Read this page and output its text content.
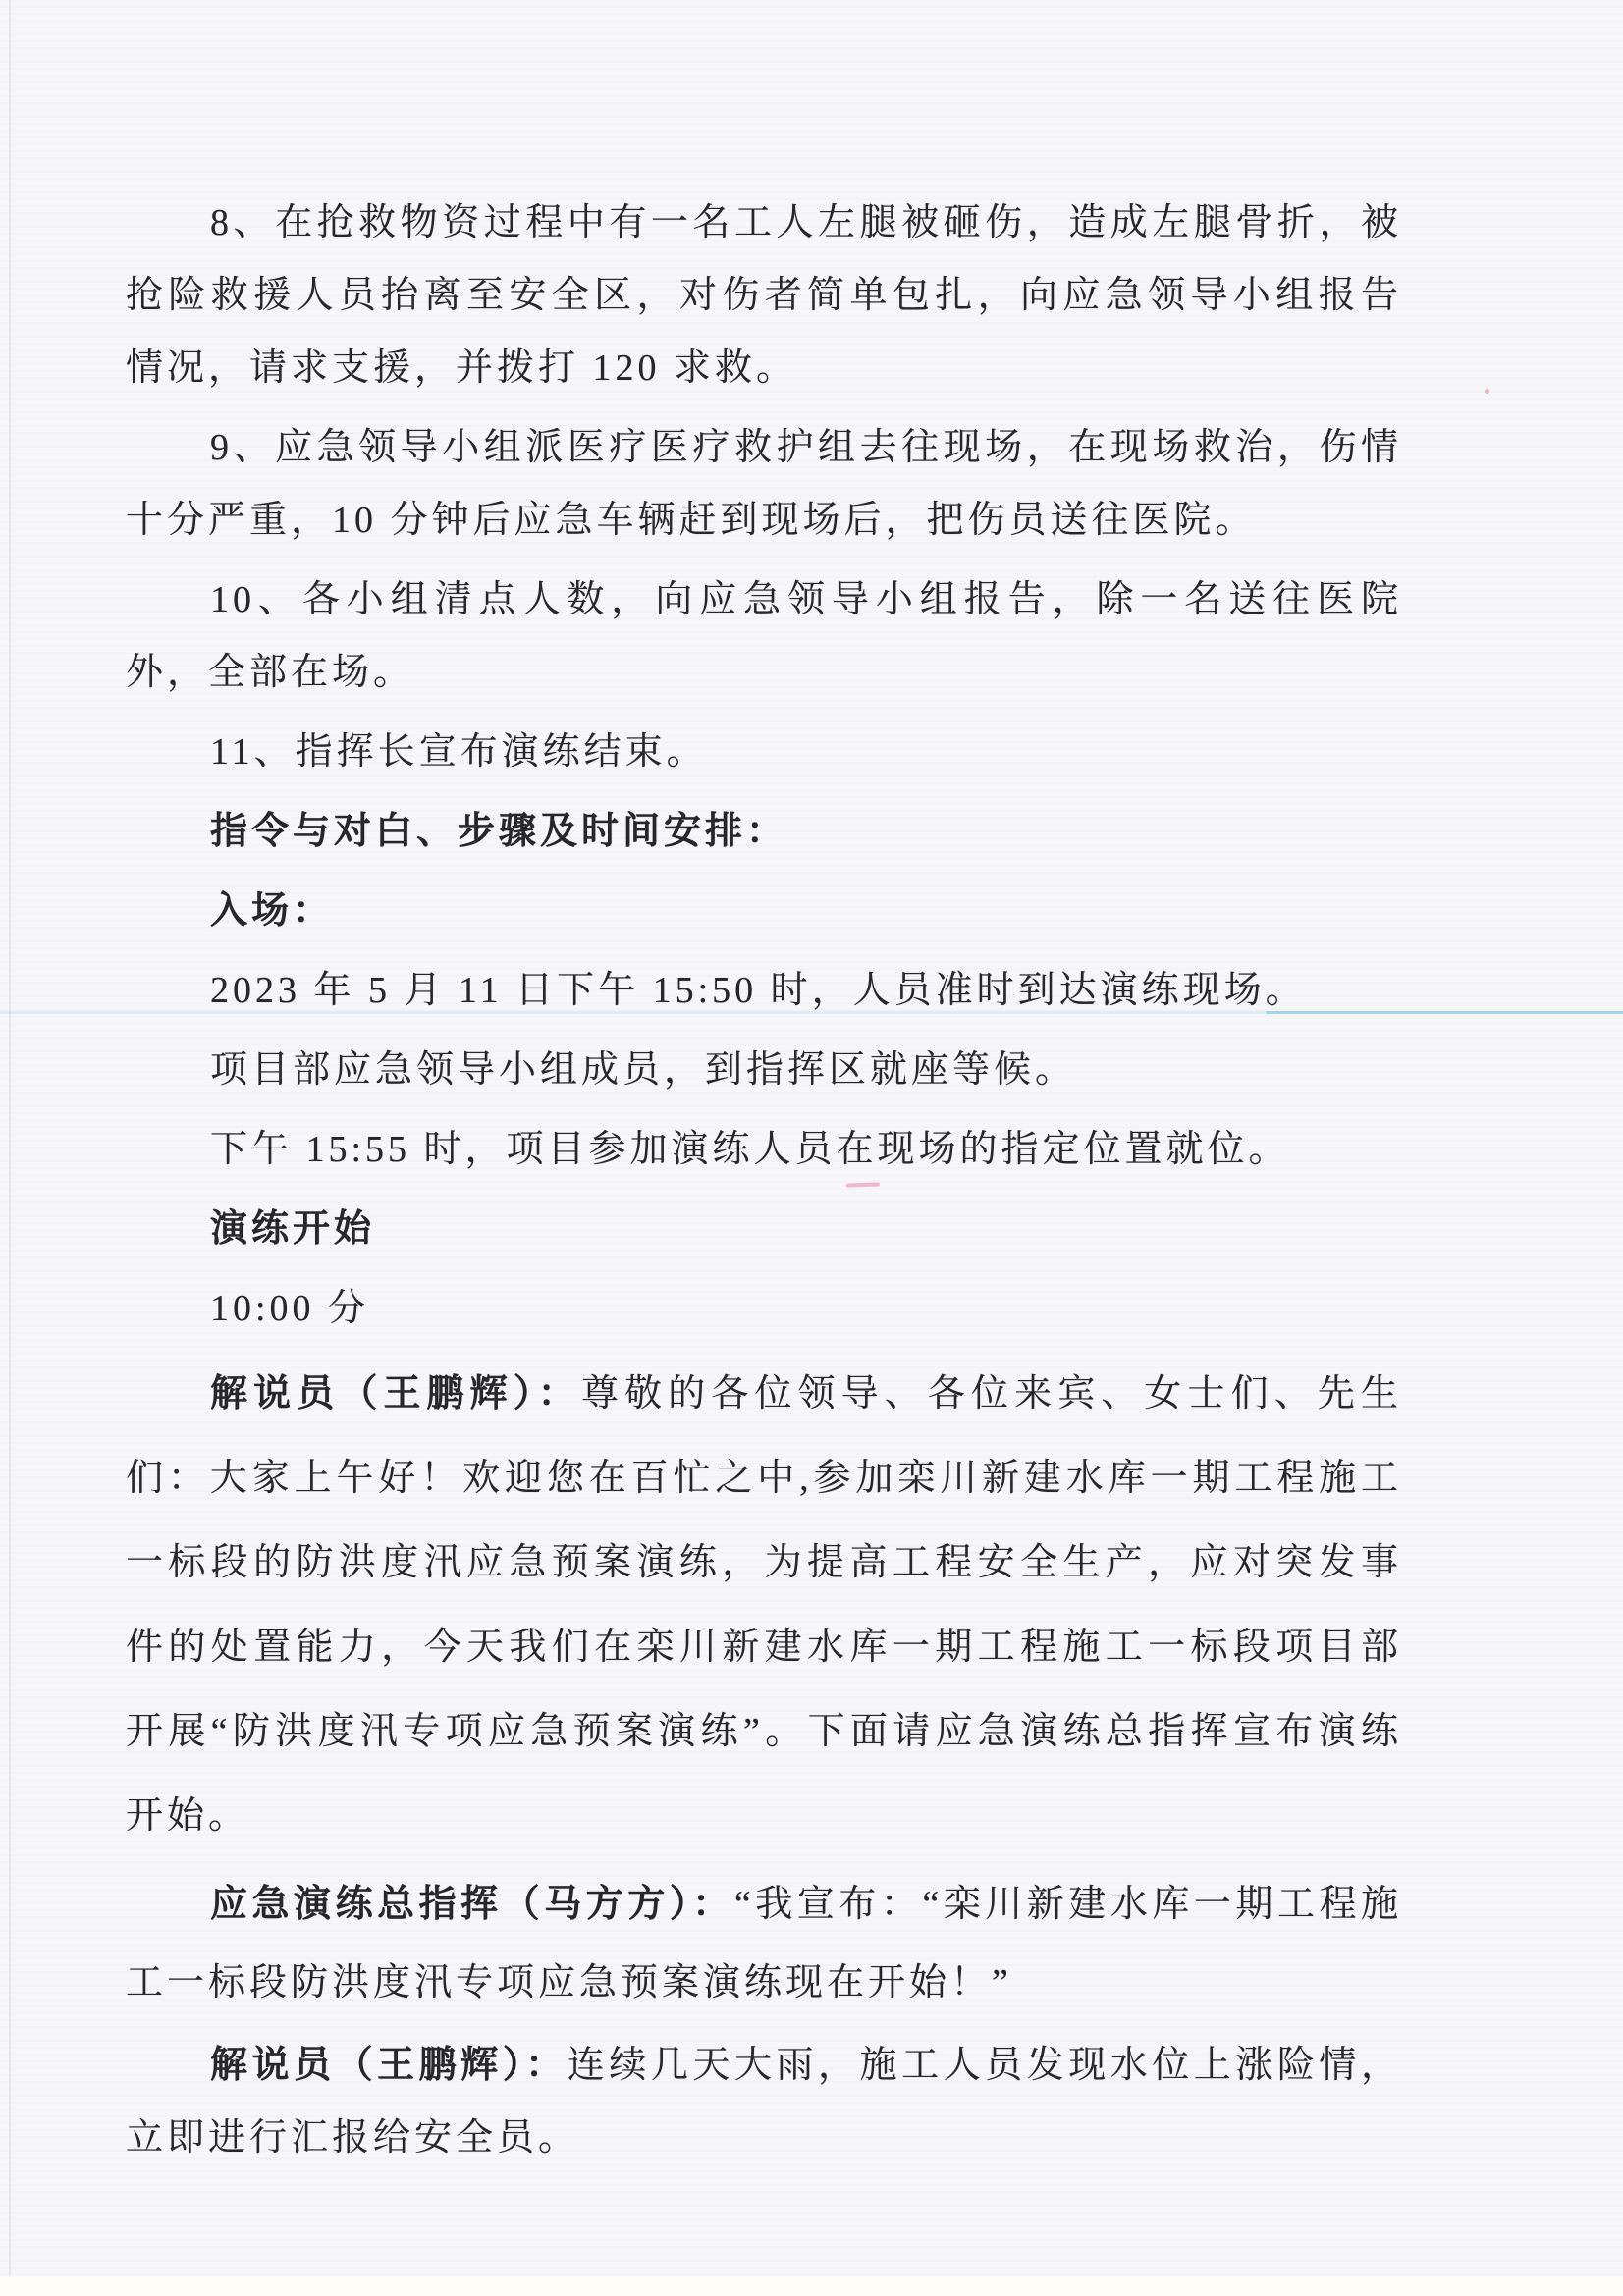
8、在抢救物资过程中有一名工人左腿被砸伤，造成左腿骨折，被抢险救援人员抬离至安全区，对伤者简单包扎，向应急领导小组报告情况，请求支援，并拨打 120 求救。

9、应急领导小组派医疗医疗救护组去往现场，在现场救治，伤情十分严重，10 分钟后应急车辆赶到现场后，把伤员送往医院。

10、各小组清点人数，向应急领导小组报告，除一名送往医院外，全部在场。

11、指挥长宣布演练结束。

指令与对白、步骤及时间安排：

入场：

2023 年 5 月 11 日下午 15:50 时，人员准时到达演练现场。

项目部应急领导小组成员，到指挥区就座等候。

下午 15:55 时，项目参加演练人员在现场的指定位置就位。

演练开始

10:00 分

解说员（王鹏辉）：尊敬的各位领导、各位来宾、女士们、先生们：大家上午好！欢迎您在百忙之中,参加栾川新建水库一期工程施工一标段的防洪度汛应急预案演练，为提高工程安全生产，应对突发事件的处置能力，今天我们在栾川新建水库一期工程施工一标段项目部开展“防洪度汛专项应急预案演练”。下面请应急演练总指挥宣布演练开始。

应急演练总指挥（马方方）：“我宣布：“栾川新建水库一期工程施工一标段防洪度汛专项应急预案演练现在开始！”

解说员（王鹏辉）：连续几天大雨，施工人员发现水位上涨险情，立即进行汇报给安全员。
